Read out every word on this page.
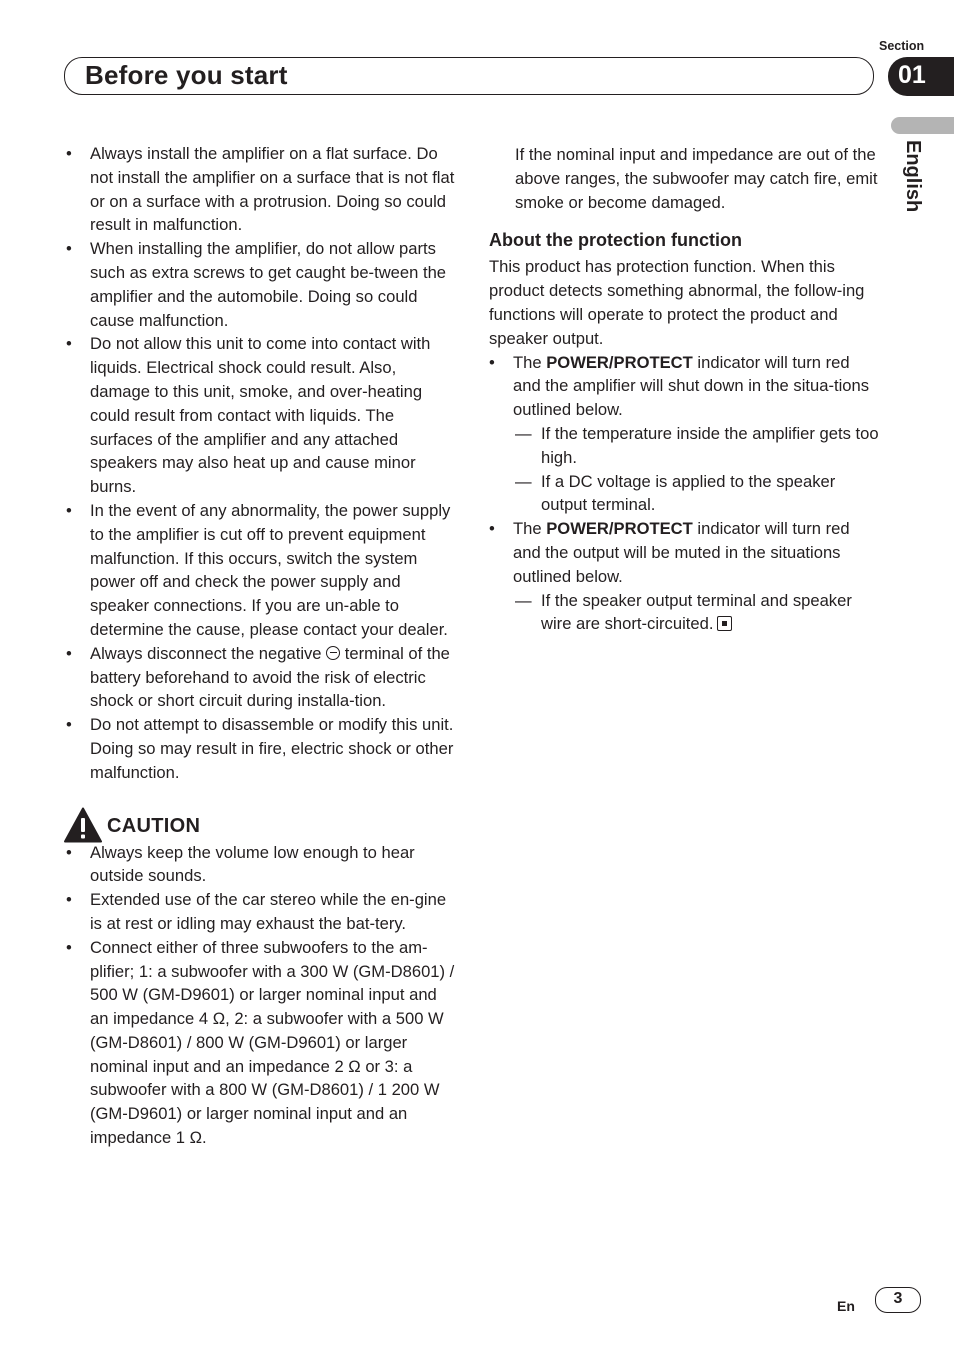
Section
Before you start	01
English
•	Always install the amplifier on a flat surface. Do not install the amplifier on a surface that is not flat or on a surface with a protrusion. Doing so could result in malfunction.
•	When installing the amplifier, do not allow parts such as extra screws to get caught be-tween the amplifier and the automobile. Doing so could cause malfunction.
•	Do not allow this unit to come into contact with liquids. Electrical shock could result. Also, damage to this unit, smoke, and over-heating could result from contact with liquids. The surfaces of the amplifier and any attached speakers may also heat up and cause minor burns.
•	In the event of any abnormality, the power supply to the amplifier is cut off to prevent equipment malfunction. If this occurs, switch the system power off and check the power supply and speaker connections. If you are un-able to determine the cause, please contact your dealer.
•	Always disconnect the negative  terminal of the battery beforehand to avoid the risk of electric shock or short circuit during installa-tion.
•	Do not attempt to disassemble or modify this unit. Doing so may result in fire, electric shock or other malfunction.
CAUTION
•	Always keep the volume low enough to hear outside sounds.
•	Extended use of the car stereo while the en-gine is at rest or idling may exhaust the bat-tery.
•	Connect either of three subwoofers to the am-plifier; 1: a subwoofer with a 300 W (GM-D8601) / 500 W (GM-D9601) or larger nominal input and an impedance 4 Ω, 2: a subwoofer with a 500 W (GM-D8601) / 800 W (GM-D9601) or larger nominal input and an impedance 2 Ω or 3: a subwoofer with a 800 W (GM-D8601) / 1 200 W (GM-D9601) or larger nominal input and an impedance 1 Ω.
If the nominal input and impedance are out of the above ranges, the subwoofer may catch fire, emit smoke or become damaged.
About the protection function
This product has protection function. When this product detects something abnormal, the follow-ing functions will operate to protect the product and speaker output.
•	The POWER/PROTECT indicator will turn red and the amplifier will shut down in the situa-tions outlined below.
— If the temperature inside the amplifier gets too high.
— If a DC voltage is applied to the speaker output terminal.
•	The POWER/PROTECT indicator will turn red and the output will be muted in the situations outlined below.
— If the speaker output terminal and speaker wire are short-circuited.
En	3
